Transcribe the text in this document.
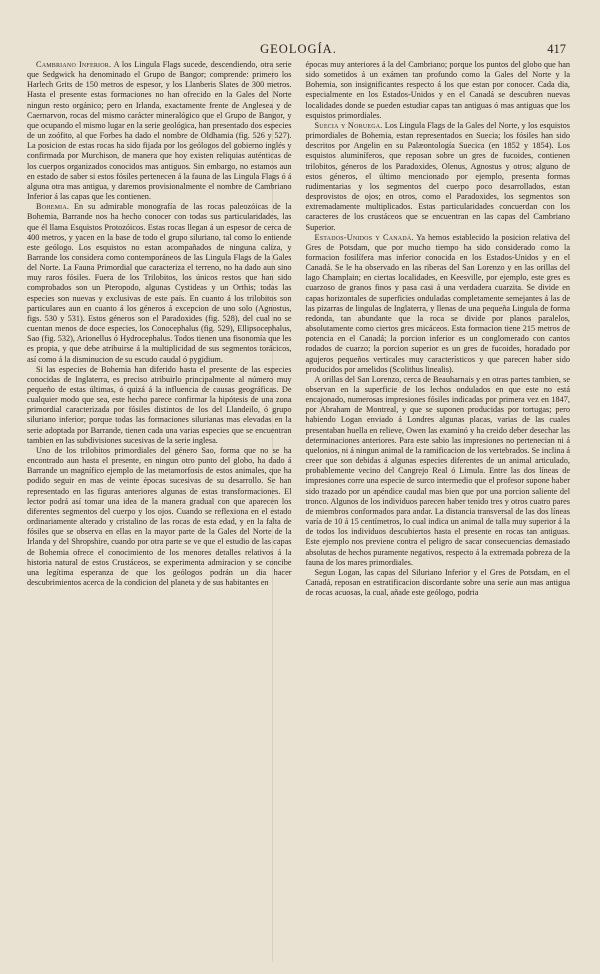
GEOLOGÍA.	417

Cambriano Inferior. A los Lingula Flags sucede, descendiendo, otra serie que Sedgwick ha denominado el Grupo de Bangor; comprende: primero los Harlech Grits de 150 metros de espesor, y los Llanberis Slates de 300 metros. Hasta el presente estas formaciones no han ofrecido en la Gales del Norte ningun resto orgánico; pero en Irlanda, exactamente frente de Anglesea y de Caernarvon, rocas del mismo carácter mineralógico que el Grupo de Bangor, y que ocupando el mismo lugar en la serie geológica, han presentado dos especies de un zoófito, al que Forbes ha dado el nombre de Oldhamia (fig. 526 y 527). La posicion de estas rocas ha sido fijada por los geólogos del gobierno inglés y confirmada por Murchison, de manera que hoy existen reliquias auténticas de los cuerpos organizados conocidos mas antiguos. Sin embargo, no estamos aun en estado de saber si estos fósiles pertenecen á la fauna de las Lingula Flags ó á alguna otra mas antigua, y daremos provisionalmente el nombre de Cambriano Inferior á las capas que les contienen.

Bohemia. En su admirable monografía de las rocas paleozóicas de la Bohemia, Barrande nos ha hecho conocer con todas sus particularidades, las que él llama Esquistos Protozóicos. Estas rocas llegan á un espesor de cerca de 400 metros, y yacen en la base de todo el grupo siluriano, tal como lo entiende este geólogo. Los esquistos no estan acompañados de ninguna caliza, y Barrande los considera como contemporáneos de las Lingula Flags de la Gales del Norte. La Fauna Primordial que caracteriza el terreno, no ha dado aun sino muy raros fósiles. Fuera de los Trilobitos, los únicos restos que han sido comprobados son un Pteropodo, algunas Cystideas y un Orthis; todas las especies son nuevas y exclusivas de este país. En cuanto á los trilobitos son particulares aun en cuanto á los géneros á excepcion de uno solo (Agnostus, figs. 530 y 531). Estos géneros son el Paradoxides (fig. 528), del cual no se cuentan menos de doce especies, los Conocephalus (fig. 529), Ellipsocephalus, Sao (fig. 532), Arionellus ó Hydrocephalus. Todos tienen una fisonomía que les es propia, y que debe atribuirse á la multiplicidad de sus segmentos torácicos, así como á la disminucion de su escudo caudal ó pygidium.

Si las especies de Bohemia han diferido hasta el presente de las especies conocidas de Inglaterra, es preciso atribuirlo principalmente al número muy pequeño de estas últimas, ó quizá á la influencia de causas geográficas. De cualquier modo que sea, este hecho parece confirmar la hipótesis de una zona primordial caracterizada por fósiles distintos de los del Llandeilo, ó grupo siluriano inferior; porque todas las formaciones silurianas mas elevadas en la serie adoptada por Barrande, tienen cada una varias especies que se encuentran tambien en las subdivisiones sucesivas de la serie inglesa.

Uno de los trilobitos primordiales del género Sao, forma que no se ha encontrado aun hasta el presente, en ningun otro punto del globo, ha dado á Barrande un magnífico ejemplo de las metamorfosis de estos animales, que ha podido seguir en mas de veinte épocas sucesivas de su desarrollo. Se han representado en las figuras anteriores algunas de estas transformaciones. El lector podrá así tomar una idea de la manera gradual con que aparecen los diferentes segmentos del cuerpo y los ojos. Cuando se reflexiona en el estado ordinariamente alterado y cristalino de las rocas de esta edad, y en la falta de fósiles que se observa en ellas en la mayor parte de la Gales del Norte de la Irlanda y del Shropshire, cuando por otra parte se ve que el estudio de las capas de Bohemia ofrece el conocimiento de los menores detalles relativos á la historia natural de estos Crustáceos, se experimenta admiracion y se concibe una legítima esperanza de que los geólogos podrán un dia hacer descubrimientos acerca de la condicion del planeta y de sus habitantes en

épocas muy anteriores á la del Cambriano; porque los puntos del globo que han sido sometidos á un exámen tan profundo como la Gales del Norte y la Bohemia, son insignificantes respecto á los que estan por conocer. Cada dia, especialmente en los Estados-Unidos y en el Canadá se descubren nuevas localidades donde se pueden estudiar capas tan antiguas ó mas antiguas que los esquistos primordiales.

Suecia y Noruega. Los Lingula Flags de la Gales del Norte, y los esquistos primordiales de Bohemia, estan representados en Suecia; los fósiles han sido descritos por Angelin en su Palæontología Suecica (en 1852 y 1854). Los esquistos aluminíferos, que reposan sobre un gres de fucoides, contienen trilobitos, géneros de los Paradoxides, Olenus, Agnostus y otros; alguno de estos géneros, el último mencionado por ejemplo, presenta formas rudimentarias y los segmentos del cuerpo poco desarrollados, estan desprovistos de ojos; en otros, como el Paradoxides, los segmentos son extremadamente multiplicados. Estas particularidades concuerdan con los caracteres de los crustáceos que se encuentran en las capas del Cambriano Superior.

Estados-Unidos y Canadá. Ya hemos establecido la posicion relativa del Gres de Potsdam, que por mucho tiempo ha sido considerado como la formacion fosilífera mas inferior conocida en los Estados-Unidos y en el Canadá. Se le ha observado en las riberas del San Lorenzo y en las orillas del lago Champlain; en ciertas localidades, en Keesville, por ejemplo, este gres es cuarzoso de granos finos y pasa casi á una verdadera cuarzita. Se divide en capas horizontales de superficies onduladas completamente semejantes á las de las pizarras de lingulas de Inglaterra, y llenas de una pequeña Lingula de forma redonda, tan abundante que la roca se divide por planos paralelos, absolutamente como ciertos gres micáceos. Esta formacion tiene 215 metros de potencia en el Canadá; la porcion inferior es un conglomerado con cantos rodados de cuarzo; la porcion superior es un gres de fucoides, horadado por agujeros pequeños verticales muy característicos y que parecen haber sido producidos por arnelidos (Scolithus linealis).

A orillas del San Lorenzo, cerca de Beauharnais y en otras partes tambien, se observan en la superficie de los lechos ondulados en que este no está encajonado, numerosas impresiones fósiles indicadas por primera vez en 1847, por Abraham de Montreal, y que se suponen producidas por tortugas; pero habiendo Logan enviado á Londres algunas placas, varias de las cuales presentaban huella en relieve, Owen las examinó y ha creido deber desechar las determinaciones anteriores. Para este sabio las impresiones no pertenecian ni á quelonios, ni á ningun animal de la ramificacion de los vertebrados. Se inclina á creer que son debidas á algunas especies diferentes de un animal articulado, probablemente vecino del Cangrejo Real ó Limula. Entre las dos líneas de impresiones corre una especie de surco intermedio que el profesor supone haber sido trazado por un apéndice caudal mas bien que por una porcion saliente del tronco. Algunos de los individuos parecen haber tenido tres y otros cuatro pares de miembros conformados para andar. La distancia transversal de las dos líneas varía de 10 á 15 centímetros, lo cual indica un animal de talla muy superior á la de todos los individuos descubiertos hasta el presente en rocas tan antiguas. Este ejemplo nos previene contra el peligro de sacar consecuencias demasiado absolutas de hechos puramente negativos, respecto á la extremada pobreza de la fauna de los mares primordiales.

Segun Logan, las capas del Siluriano Inferior y el Gres de Potsdam, en el Canadá, reposan en estratificacion discordante sobre una serie aun mas antigua de rocas acuosas, la cual, añade este geólogo, podria
